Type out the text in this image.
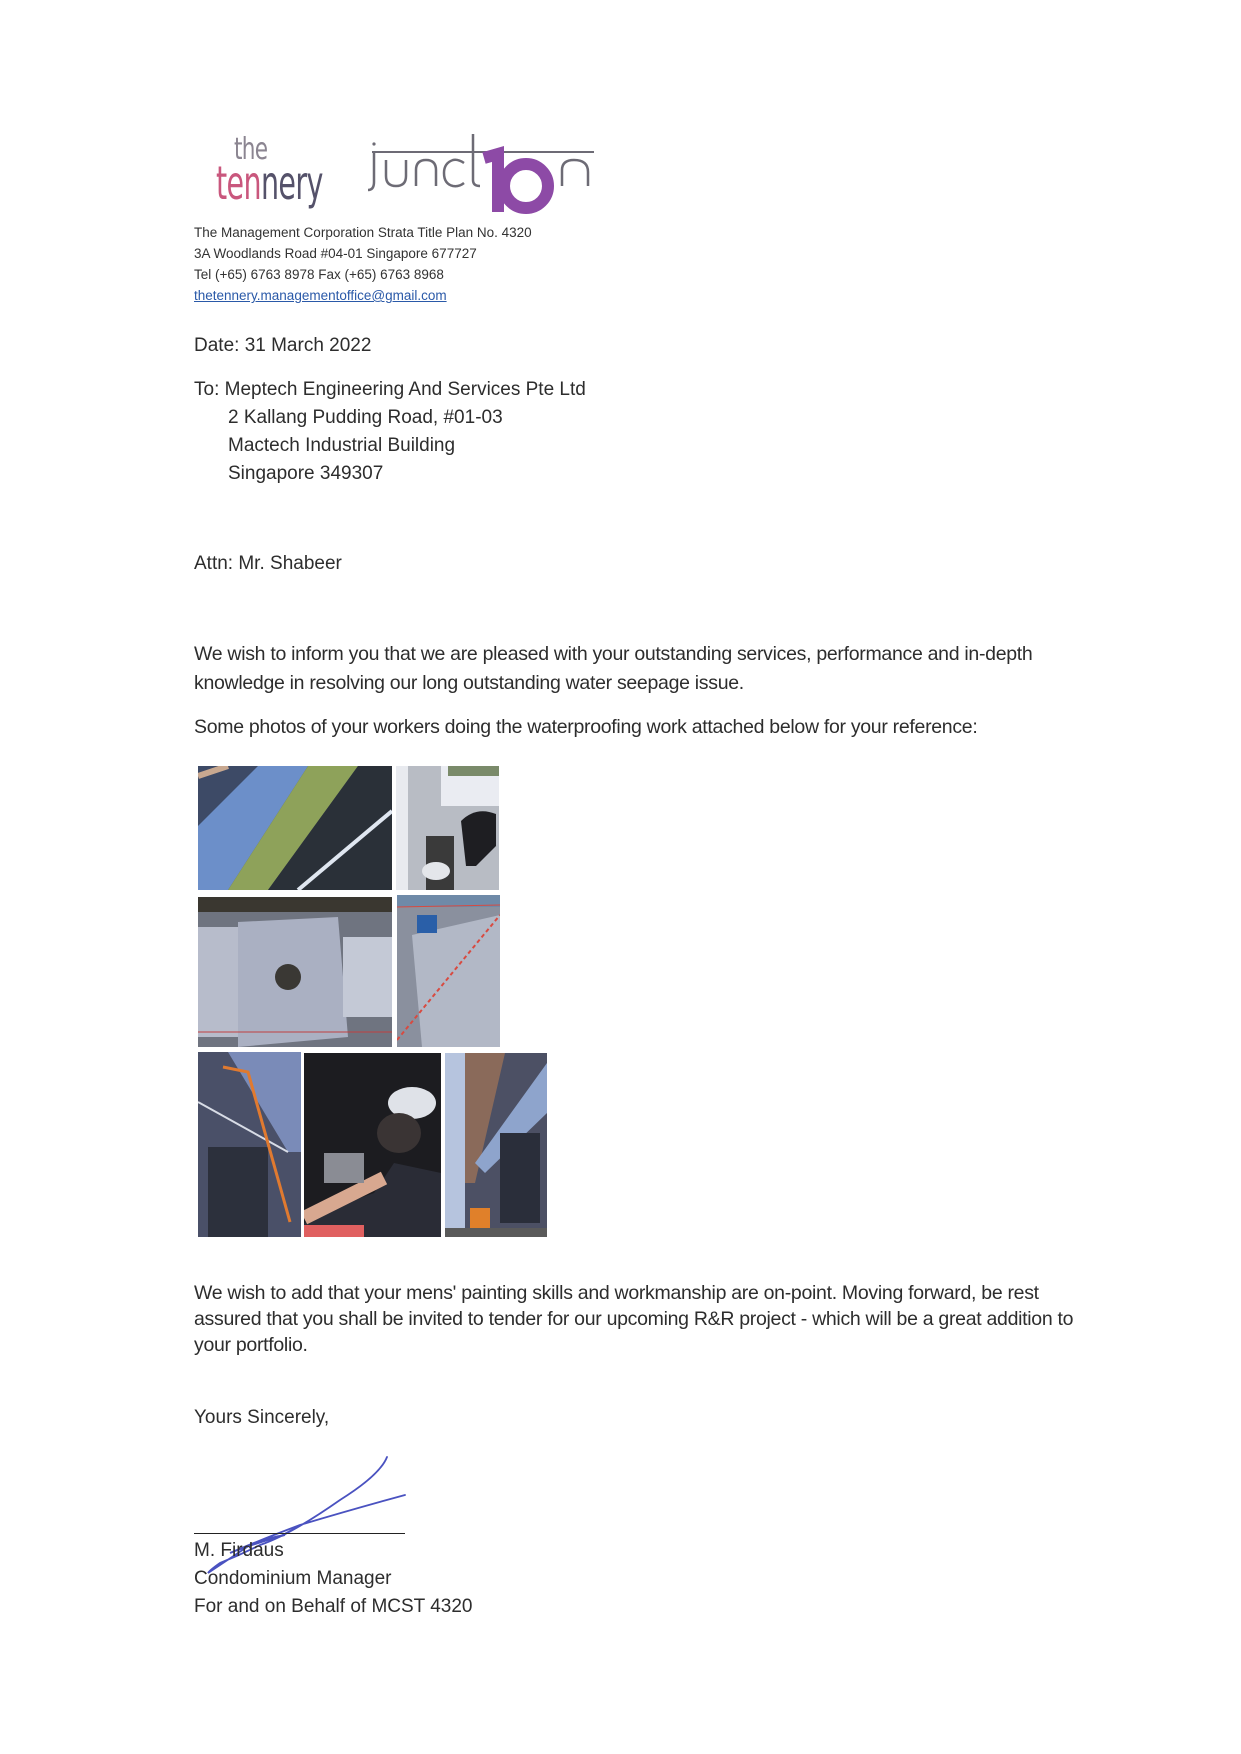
the
tennery
The Management Corporation Strata Title Plan No. 4320
3A Woodlands Road #04-01 Singapore 677727
Tel (+65) 6763 8978 Fax (+65) 6763 8968
thetennery.managementoffice@gmail.com
Date: 31 March 2022
To: Meptech Engineering And Services Pte Ltd
2 Kallang Pudding Road, #01-03
Mactech Industrial Building
Singapore 349307
Attn: Mr. Shabeer
We wish to inform you that we are pleased with your outstanding services, performance and in-depth knowledge in resolving our long outstanding water seepage issue.
Some photos of your workers doing the waterproofing work attached below for your reference:
We wish to add that your mens' painting skills and workmanship are on-point. Moving forward, be rest assured that you shall be invited to tender for our upcoming R&R project - which will be a great addition to your portfolio.
Yours Sincerely,
M. Firdaus
Condominium Manager
For and on Behalf of MCST 4320
